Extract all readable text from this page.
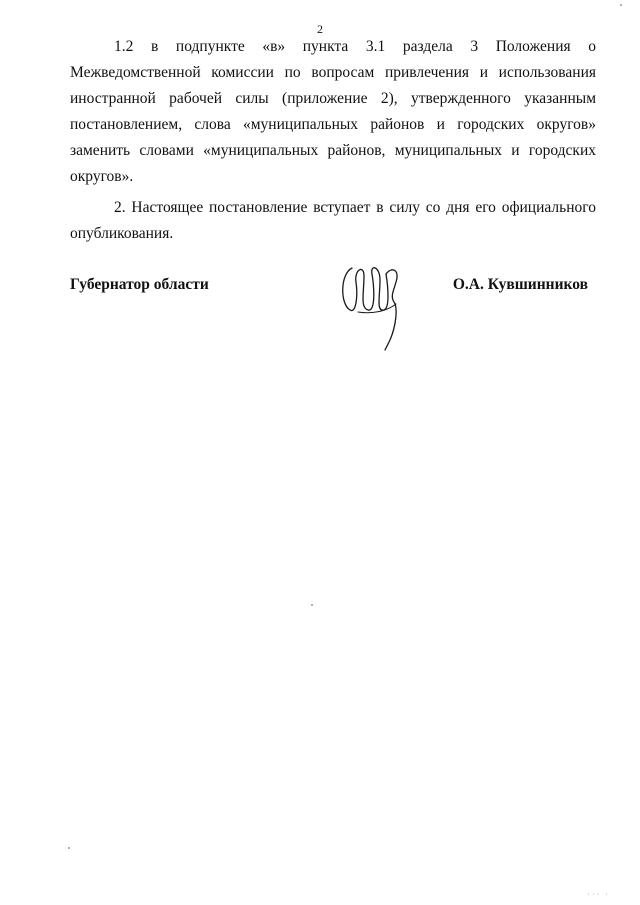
2

1.2 в подпункте «в» пункта 3.1 раздела 3 Положения о Межведомственной комиссии по вопросам привлечения и использования иностранной рабочей силы (приложение 2), утвержденного указанным постановлением, слова «муниципальных районов и городских округов» заменить словами «муниципальных районов, муниципальных и городских округов».

2. Настоящее постановление вступает в силу со дня его официального опубликования.

Губернатор области	О.А. Кувшинников
··· ·
